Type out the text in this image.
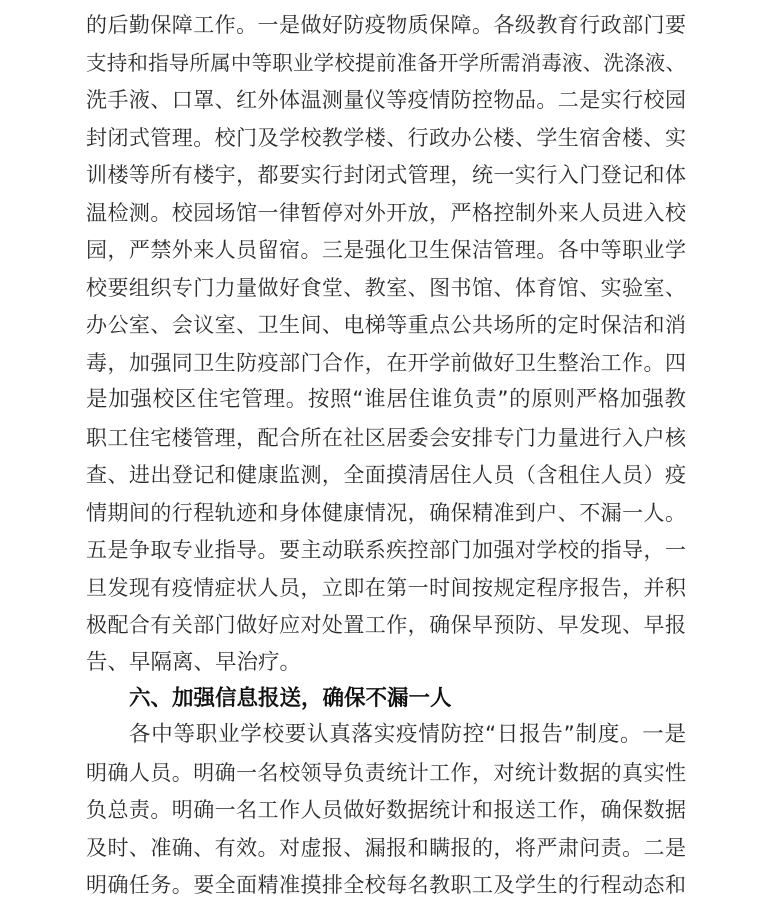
的后勤保障工作。一是做好防疫物质保障。各级教育行政部门要
支持和指导所属中等职业学校提前准备开学所需消毒液、洗涤液、
洗手液、口罩、红外体温测量仪等疫情防控物品。二是实行校园
封闭式管理。校门及学校教学楼、行政办公楼、学生宿舍楼、实
训楼等所有楼宇，都要实行封闭式管理，统一实行入门登记和体
温检测。校园场馆一律暂停对外开放，严格控制外来人员进入校
园，严禁外来人员留宿。三是强化卫生保洁管理。各中等职业学
校要组织专门力量做好食堂、教室、图书馆、体育馆、实验室、
办公室、会议室、卫生间、电梯等重点公共场所的定时保洁和消
毒，加强同卫生防疫部门合作，在开学前做好卫生整治工作。四
是加强校区住宅管理。按照“谁居住谁负责”的原则严格加强教
职工住宅楼管理，配合所在社区居委会安排专门力量进行入户核
查、进出登记和健康监测，全面摸清居住人员（含租住人员）疫
情期间的行程轨迹和身体健康情况，确保精准到户、不漏一人。
五是争取专业指导。要主动联系疾控部门加强对学校的指导，一
旦发现有疫情症状人员，立即在第一时间按规定程序报告，并积
极配合有关部门做好应对处置工作，确保早预防、早发现、早报
告、早隔离、早治疗。
六、加强信息报送，确保不漏一人
各中等职业学校要认真落实疫情防控“日报告”制度。一是
明确人员。明确一名校领导负责统计工作，对统计数据的真实性
负总责。明确一名工作人员做好数据统计和报送工作，确保数据
及时、准确、有效。对虚报、漏报和瞒报的，将严肃问责。二是
明确任务。要全面精准摸排全校每名教职工及学生的行程动态和
